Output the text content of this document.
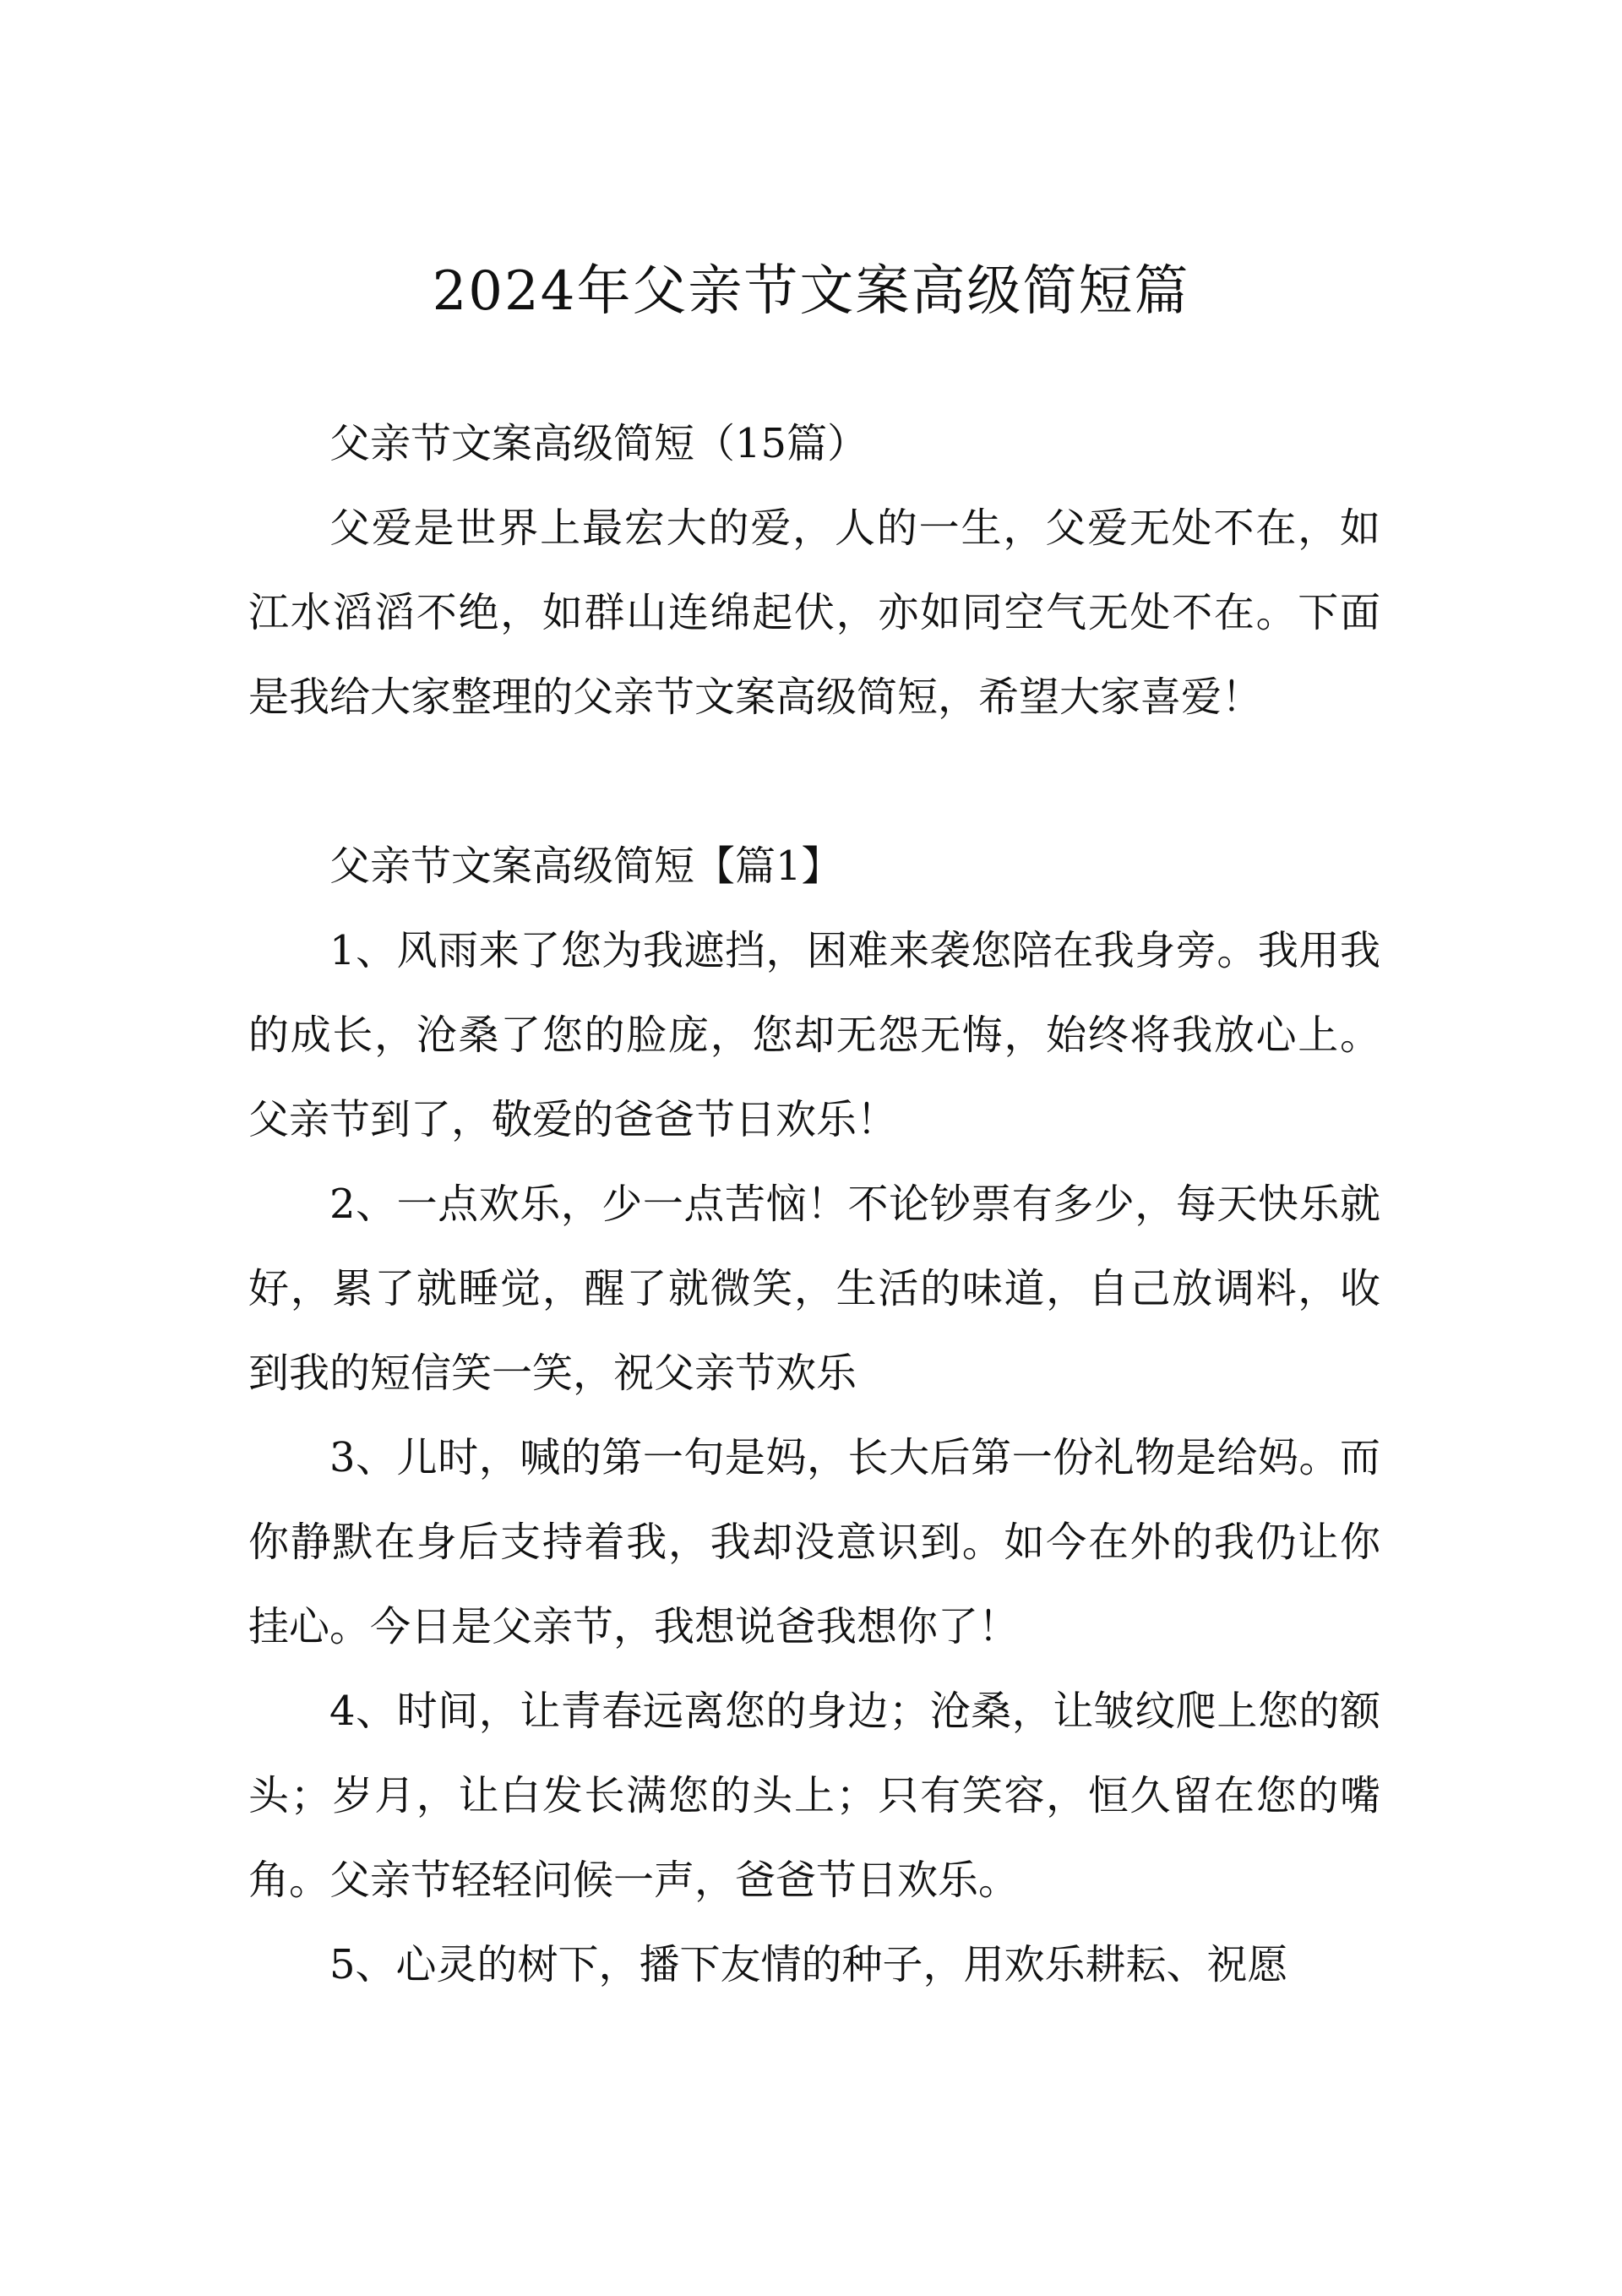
2024年父亲节文案高级简短篇

父亲节文案高级简短（15篇）

父爱是世界上最宏大的爱，人的一生，父爱无处不在，如江水滔滔不绝，如群山连绵起伏，亦如同空气无处不在。下面是我给大家整理的父亲节文案高级简短，希望大家喜爱！

父亲节文案高级简短【篇1】

1、风雨来了您为我遮挡，困难来袭您陪在我身旁。我用我的成长，沧桑了您的脸庞，您却无怨无悔，始终将我放心上。父亲节到了，敬爱的爸爸节日欢乐！

2、一点欢乐，少一点苦恼！不论钞票有多少，每天快乐就好，累了就睡觉，醒了就微笑，生活的味道，自己放调料，收到我的短信笑一笑，祝父亲节欢乐

3、儿时，喊的第一句是妈，长大后第一份礼物是给妈。而你静默在身后支持着我，我却没意识到。如今在外的我仍让你挂心。今日是父亲节，我想说爸我想你了！

4、时间，让青春远离您的身边；沧桑，让皱纹爬上您的额头；岁月，让白发长满您的头上；只有笑容，恒久留在您的嘴角。父亲节轻轻问候一声，爸爸节日欢乐。

5、心灵的树下，播下友情的种子，用欢乐耕耘、祝愿
